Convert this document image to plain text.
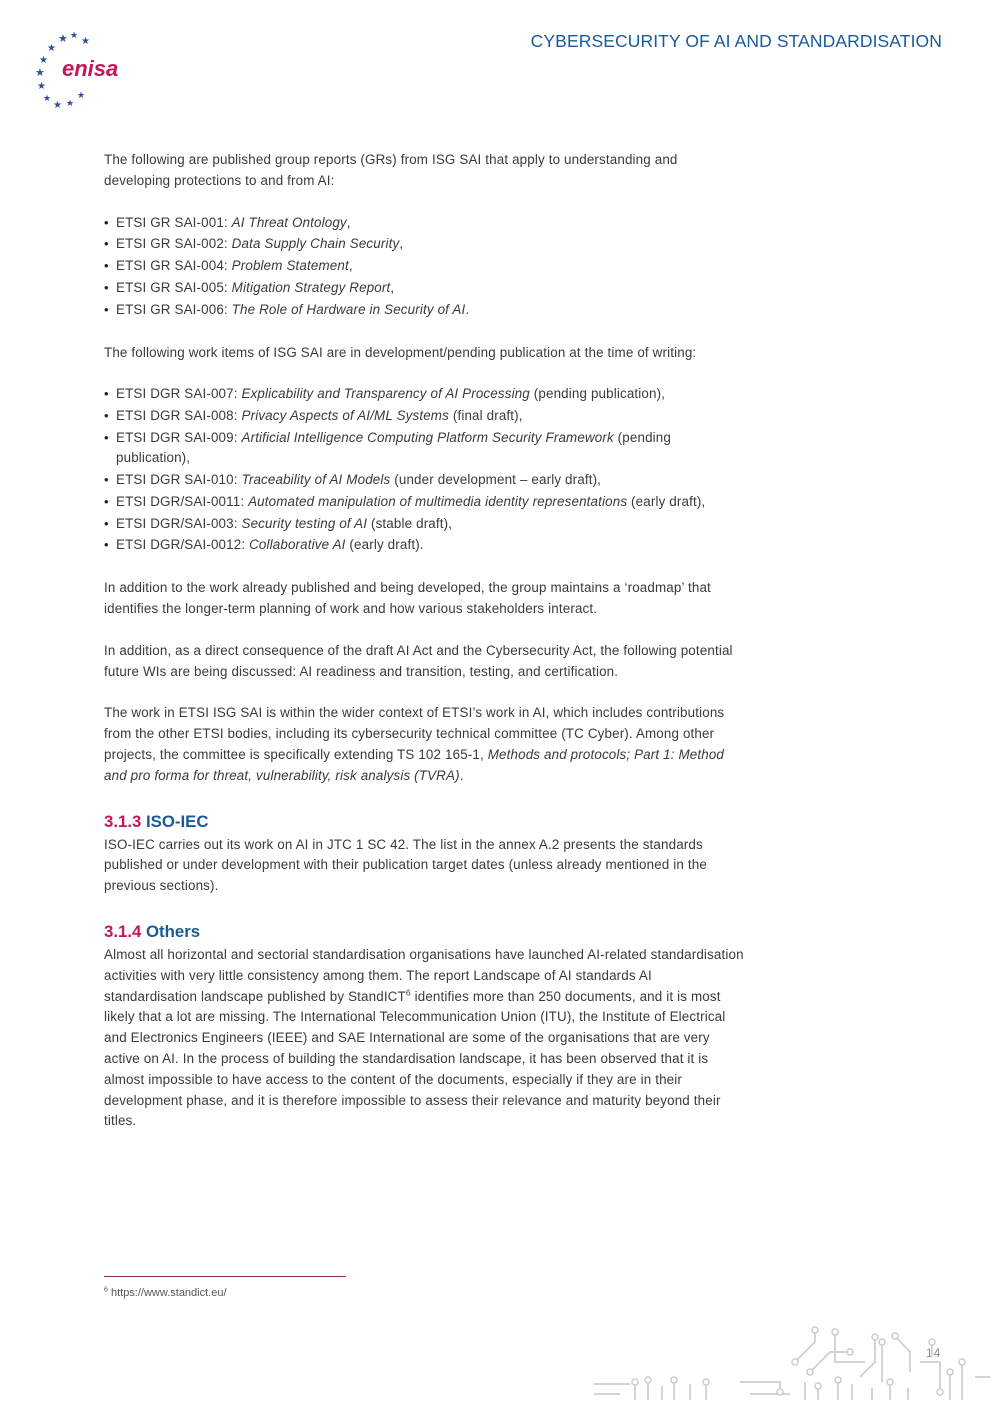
★ ★
★
★
★
★
★
★
★ ★
★
enisa
CYBERSECURITY OF AI AND STANDARDISATION

The following are published group reports (GRs) from ISG SAI that apply to understanding and developing protections to and from AI:

• ETSI GR SAI-001: AI Threat Ontology,
• ETSI GR SAI-002: Data Supply Chain Security,
• ETSI GR SAI-004: Problem Statement,
• ETSI GR SAI-005: Mitigation Strategy Report,
• ETSI GR SAI-006: The Role of Hardware in Security of AI.

The following work items of ISG SAI are in development/pending publication at the time of writing:

• ETSI DGR SAI-007: Explicability and Transparency of AI Processing (pending publication),
• ETSI DGR SAI-008: Privacy Aspects of AI/ML Systems (final draft),
• ETSI DGR SAI-009: Artificial Intelligence Computing Platform Security Framework (pending publication),
• ETSI DGR SAI-010: Traceability of AI Models (under development – early draft),
• ETSI DGR/SAI-0011: Automated manipulation of multimedia identity representations (early draft),
• ETSI DGR/SAI-003: Security testing of AI (stable draft),
• ETSI DGR/SAI-0012: Collaborative AI (early draft).

In addition to the work already published and being developed, the group maintains a ‘roadmap’ that identifies the longer-term planning of work and how various stakeholders interact.

In addition, as a direct consequence of the draft AI Act and the Cybersecurity Act, the following potential future WIs are being discussed: AI readiness and transition, testing, and certification.

The work in ETSI ISG SAI is within the wider context of ETSI’s work in AI, which includes contributions from the other ETSI bodies, including its cybersecurity technical committee (TC Cyber). Among other projects, the committee is specifically extending TS 102 165-1, Methods and protocols; Part 1: Method and pro forma for threat, vulnerability, risk analysis (TVRA).

3.1.3 ISO-IEC

ISO-IEC carries out its work on AI in JTC 1 SC 42. The list in the annex A.2 presents the standards published or under development with their publication target dates (unless already mentioned in the previous sections).

3.1.4 Others

Almost all horizontal and sectorial standardisation organisations have launched AI-related standardisation activities with very little consistency among them. The report Landscape of AI standards AI standardisation landscape published by StandICT$^6$ identifies more than 250 documents, and it is most likely that a lot are missing. The International Telecommunication Union (ITU), the Institute of Electrical and Electronics Engineers (IEEE) and SAE International are some of the organisations that are very active on AI. In the process of building the standardisation landscape, it has been observed that it is almost impossible to have access to the content of the documents, especially if they are in their development phase, and it is therefore impossible to assess their relevance and maturity beyond their titles.

$^6$ https://www.standict.eu/
14
